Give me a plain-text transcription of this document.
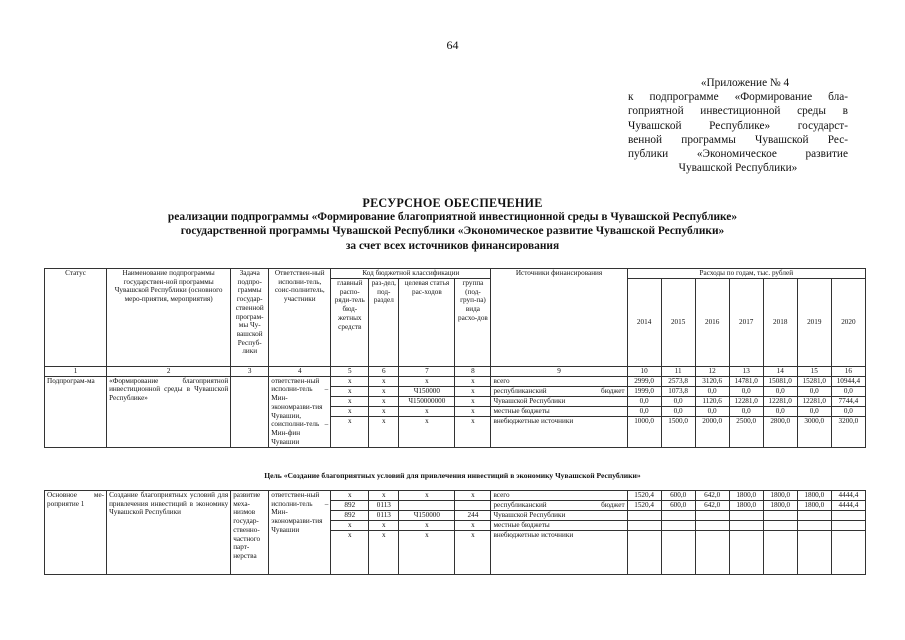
64
«Приложение № 4
к подпрограмме «Формирование бла-
гоприятной инвестиционной среды в
Чувашской Республике» государст-
венной программы Чувашской Рес-
публики «Экономическое развитие
Чувашской Республики»
РЕСУРСНОЕ ОБЕСПЕЧЕНИЕ
реализации подпрограммы «Формирование благоприятной инвестиционной среды в Чувашской Республике»
государственной программы Чувашской Республики «Экономическое развитие Чувашской Республики»
за счет всех источников финансирования
Статус	Наименование подпрограммы государствен-ной программы Чувашской Республики (основного меро-приятия, мероприятия)	Задача подпро-граммы государ-ственной програм-мы Чу-вашской Респуб-лики	Ответствен-ный исполни-тель, соис-полнитель, участники	Код бюджетной классификации				Источники финансирования	Расходы по годам, тыс. рублей						
				главный распо-ряди-тель бюд-жетных средств	раз-дел, под-раздел	целевая статья рас-ходов	группа (под-груп-па) вида расхо-дов		2014	2015	2016	2017	2018	2019	2020
1	2	3	4	5	6	7	8	9	10	11	12	13	14	15	16
Подпрограм-ма	«Формирование благоприятной инвестиционной среды в Чувашской Республике»		ответствен-ный исполни-тель – Мин-экономразви-тия Чувашии, соисполни-тель – Мин-фин Чувашии	x	x	x	x	всего	2999,0	2573,8	3120,6	14781,0	15081,0	15281,0	10944,4
				x	x	Ч150000	x	республиканский бюджет	1999,0	1073,8	0,0	0,0	0,0	0,0	0,0
				x	x	Ч150000000	x	Чувашской Республики	0,0	0,0	1120,6	12281,0	12281,0	12281,0	7744,4
				x	x	x	x	местные бюджеты	0,0	0,0	0,0	0,0	0,0	0,0	0,0
				x	x	x	x	внебюджетные источники	1000,0	1500,0	2000,0	2500,0	2800,0	3000,0	3200,0
Цель «Создание благоприятных условий для привлечения инвестиций в экономику Чувашской Республики»
Основное ме-роприятие 1	Создание благоприятных условий для привлечения инвестиций в экономику Чувашской Республики	развитие меха-низмов государ-ственно-частного парт-нерства	ответствен-ный исполни-тель – Мин-экономразви-тия Чувашии	x	x	x	x	всего	1520,4	600,0	642,0	1800,0	1800,0	1800,0	4444,4
				892	0113			республиканский бюджет	1520,4	600,0	642,0	1800,0	1800,0	1800,0	4444,4
				892	0113	Ч150000	244	Чувашской Республики							
				x	x	x	x	местные бюджеты							
				x	x	x	x	внебюджетные источники							
